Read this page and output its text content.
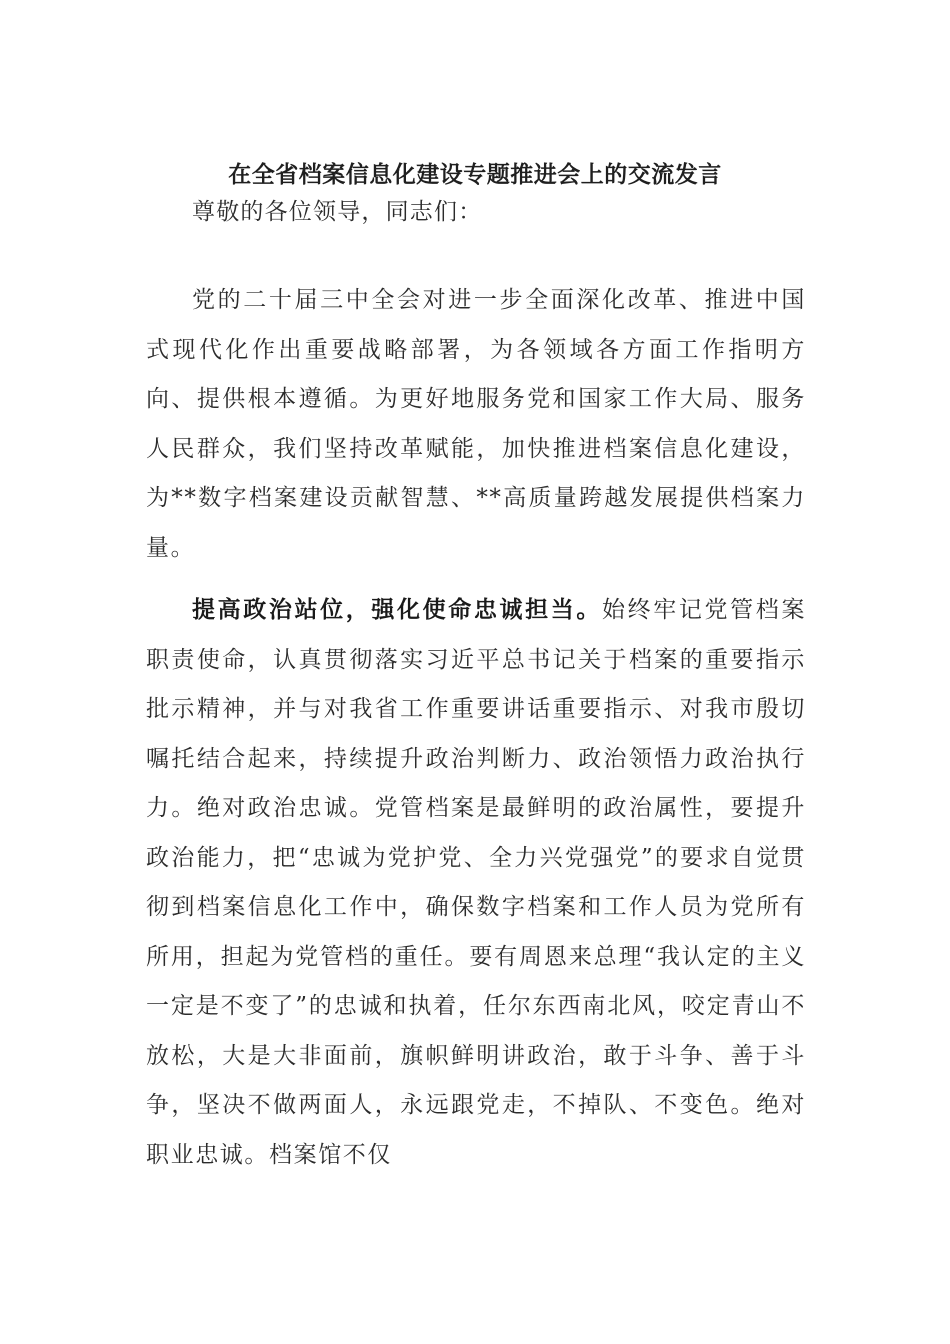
在全省档案信息化建设专题推进会上的交流发言

尊敬的各位领导，同志们：

党的二十届三中全会对进一步全面深化改革、推进中国式现代化作出重要战略部署，为各领域各方面工作指明方向、提供根本遵循。为更好地服务党和国家工作大局、服务人民群众，我们坚持改革赋能，加快推进档案信息化建设，为**数字档案建设贡献智慧、**高质量跨越发展提供档案力量。

提高政治站位，强化使命忠诚担当。始终牢记党管档案职责使命，认真贯彻落实习近平总书记关于档案的重要指示批示精神，并与对我省工作重要讲话重要指示、对我市殷切嘱托结合起来，持续提升政治判断力、政治领悟力政治执行力。绝对政治忠诚。党管档案是最鲜明的政治属性，要提升政治能力，把“忠诚为党护党、全力兴党强党”的要求自觉贯彻到档案信息化工作中，确保数字档案和工作人员为党所有所用，担起为党管档的重任。要有周恩来总理“我认定的主义一定是不变了”的忠诚和执着，任尔东西南北风，咬定青山不放松，大是大非面前，旗帜鲜明讲政治，敢于斗争、善于斗争，坚决不做两面人，永远跟党走，不掉队、不变色。绝对职业忠诚。档案馆不仅
